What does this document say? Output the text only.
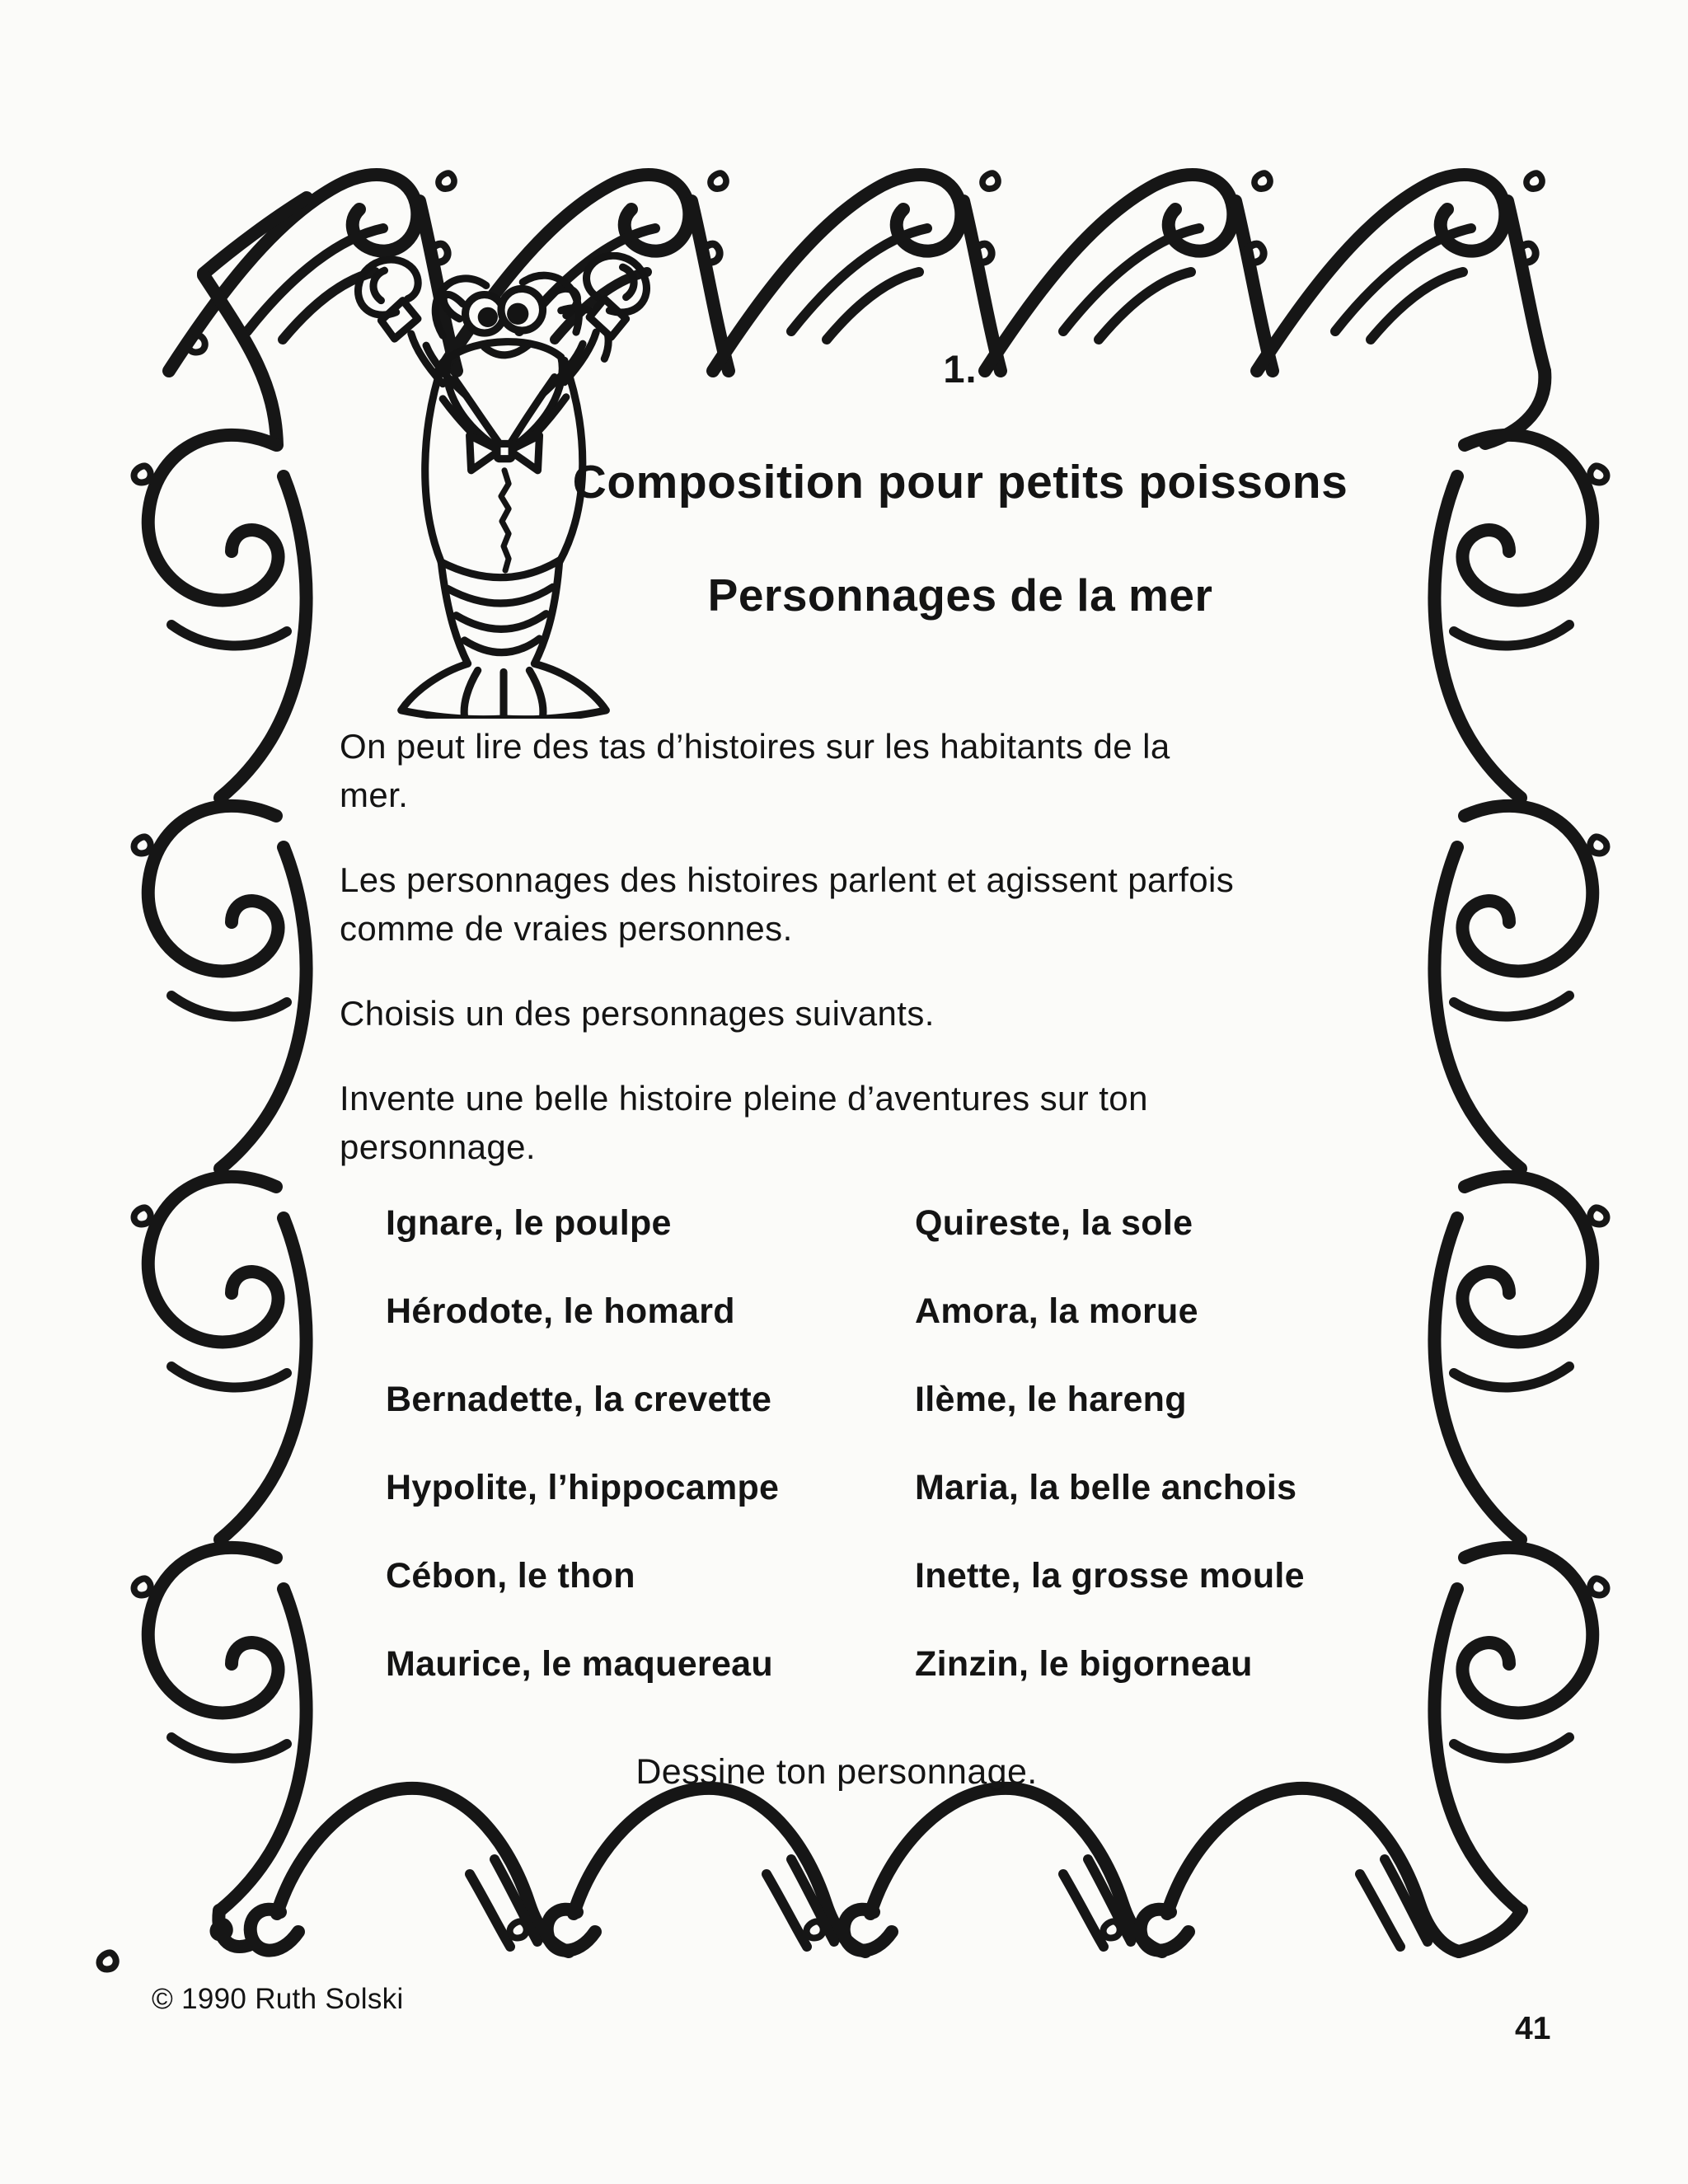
1.
Composition pour petits poissons
Personnages de la mer
On peut lire des tas d’histoires sur les habitants de la
mer.
Les personnages des histoires parlent et agissent parfois
comme de vraies personnes.
Choisis un des personnages suivants.
Invente une belle histoire pleine d’aventures sur ton
personnage.
Ignare, le poulpe
Hérodote, le homard
Bernadette, la crevette
Hypolite, l’hippocampe
Cébon, le thon
Maurice, le maquereau
Quireste, la sole
Amora, la morue
Ilème, le hareng
Maria, la belle anchois
Inette, la grosse moule
Zinzin, le bigorneau
Dessine ton personnage.
© 1990 Ruth Solski
41
